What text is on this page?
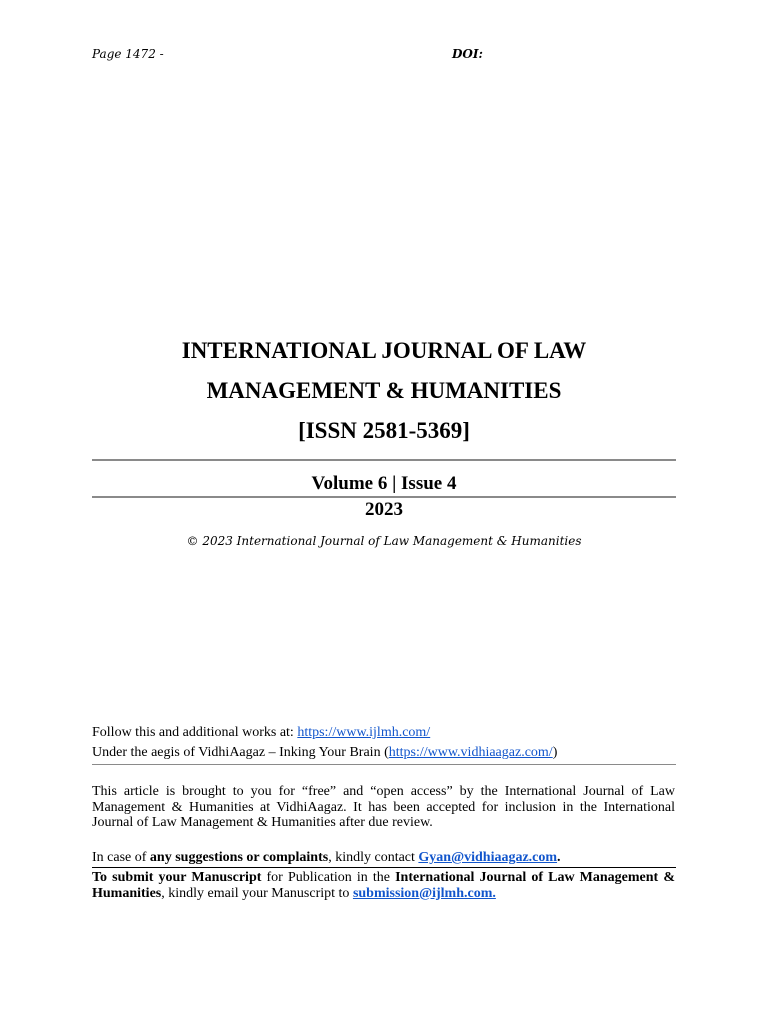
Page 1472 -	DOI:
INTERNATIONAL JOURNAL OF LAW
MANAGEMENT & HUMANITIES
[ISSN 2581-5369]
Volume 6 | Issue 4
2023
© 2023 International Journal of Law Management & Humanities
Follow this and additional works at: https://www.ijlmh.com/
Under the aegis of VidhiAagaz – Inking Your Brain (https://www.vidhiaagaz.com/)
This article is brought to you for “free” and “open access” by the International Journal of Law Management & Humanities at VidhiAagaz. It has been accepted for inclusion in the International Journal of Law Management & Humanities after due review.
In case of any suggestions or complaints, kindly contact Gyan@vidhiaagaz.com.
To submit your Manuscript for Publication in the International Journal of Law Management & Humanities, kindly email your Manuscript to submission@ijlmh.com.
